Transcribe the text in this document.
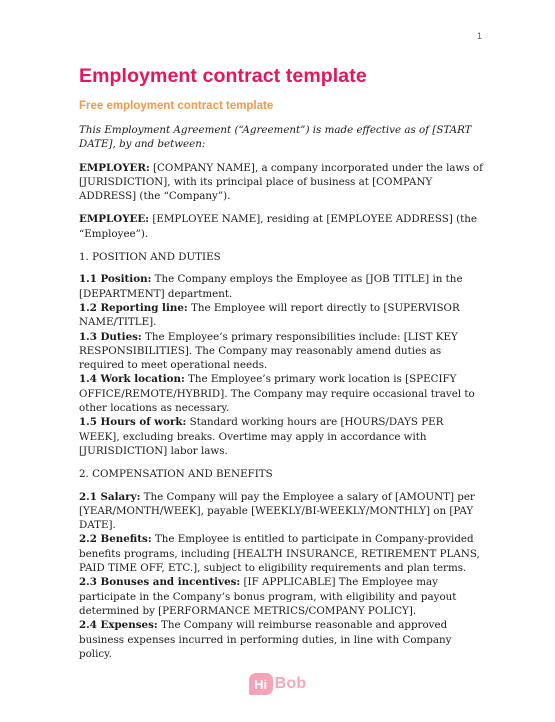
1
Employment contract template
Free employment contract template

This Employment Agreement (“Agreement”) is made effective as of [START DATE], by and between:

EMPLOYER: [COMPANY NAME], a company incorporated under the laws of [JURISDICTION], with its principal place of business at [COMPANY ADDRESS] (the “Company”).

EMPLOYEE: [EMPLOYEE NAME], residing at [EMPLOYEE ADDRESS] (the “Employee”).

1. POSITION AND DUTIES

1.1 Position: The Company employs the Employee as [JOB TITLE] in the [DEPARTMENT] department.
1.2 Reporting line: The Employee will report directly to [SUPERVISOR NAME/TITLE].
1.3 Duties: The Employee’s primary responsibilities include: [LIST KEY RESPONSIBILITIES]. The Company may reasonably amend duties as required to meet operational needs.
1.4 Work location: The Employee’s primary work location is [SPECIFY OFFICE/REMOTE/HYBRID]. The Company may require occasional travel to other locations as necessary.
1.5 Hours of work: Standard working hours are [HOURS/DAYS PER WEEK], excluding breaks. Overtime may apply in accordance with [JURISDICTION] labor laws.

2. COMPENSATION AND BENEFITS

2.1 Salary: The Company will pay the Employee a salary of [AMOUNT] per [YEAR/MONTH/WEEK], payable [WEEKLY/BI-WEEKLY/MONTHLY] on [PAY DATE].
2.2 Benefits: The Employee is entitled to participate in Company-provided benefits programs, including [HEALTH INSURANCE, RETIREMENT PLANS, PAID TIME OFF, ETC.], subject to eligibility requirements and plan terms.
2.3 Bonuses and incentives: [IF APPLICABLE] The Employee may participate in the Company’s bonus program, with eligibility and payout determined by [PERFORMANCE METRICS/COMPANY POLICY].
2.4 Expenses: The Company will reimburse reasonable and approved business expenses incurred in performing duties, in line with Company policy.
Hi Bob
